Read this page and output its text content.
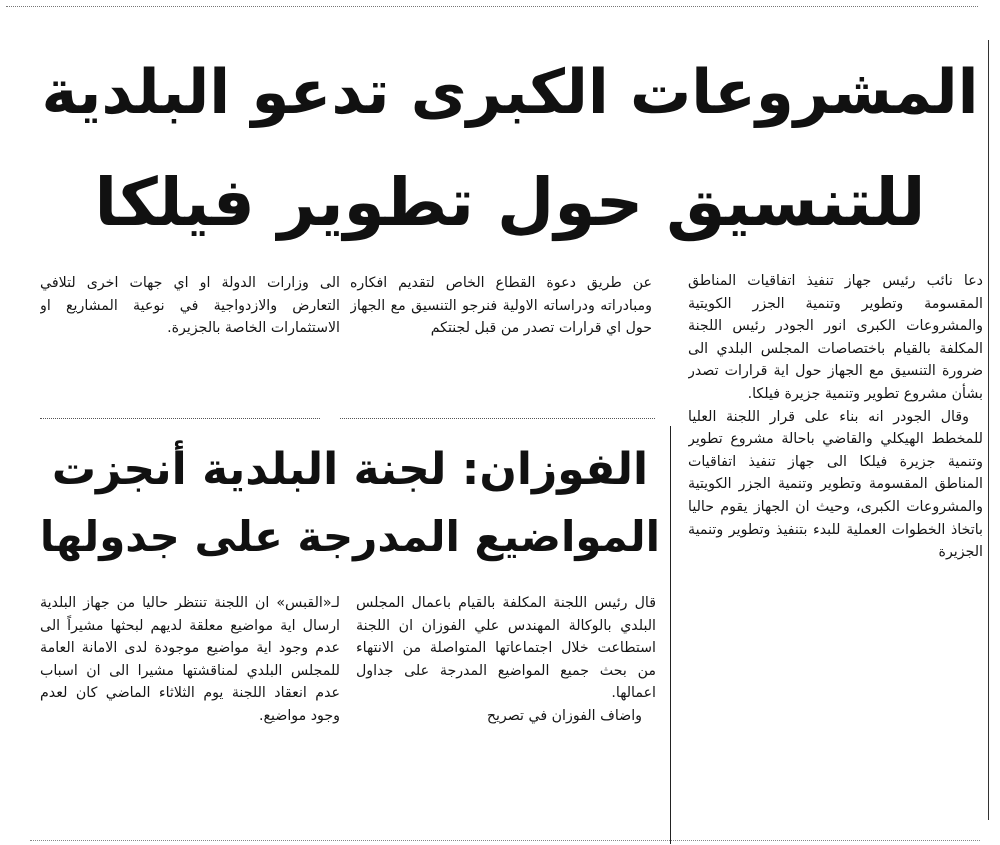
المشروعات الكبرى تدعو البلدية
للتنسيق حول تطوير فيلكا

دعا نائب رئيس جهاز تنفيذ اتفاقيات المناطق المقسومة وتطوير وتنمية الجزر الكويتية والمشروعات الكبرى انور الجودر رئيس اللجنة المكلفة بالقيام باختصاصات المجلس البلدي الى ضرورة التنسيق مع الجهاز حول اية قرارات تصدر بشأن مشروع تطوير وتنمية جزيرة فيلكا.

وقال الجودر انه بناء على قرار اللجنة العليا للمخطط الهيكلي والقاضي باحالة مشروع تطوير وتنمية جزيرة فيلكا الى جهاز تنفيذ اتفاقيات المناطق المقسومة وتطوير وتنمية الجزر الكويتية والمشروعات الكبرى، وحيث ان الجهاز يقوم حاليا باتخاذ الخطوات العملية للبدء بتنفيذ وتطوير وتنمية الجزيرة

عن طريق دعوة القطاع الخاص لتقديم افكاره ومبادراته ودراساته الاولية فنرجو التنسيق مع الجهاز حول اي قرارات تصدر من قبل لجنتكم

الى وزارات الدولة او اي جهات اخرى لتلافي التعارض والازدواجية في نوعية المشاريع او الاستثمارات الخاصة بالجزيرة.

الفوزان: لجنة البلدية أنجزت
المواضيع المدرجة على جدولها

قال رئيس اللجنة المكلفة بالقيام باعمال المجلس البلدي بالوكالة المهندس علي الفوزان ان اللجنة استطاعت خلال اجتماعاتها المتواصلة من الانتهاء من بحث جميع المواضيع المدرجة على جداول اعمالها.

واضاف الفوزان في تصريح

لـ«القبس» ان اللجنة تنتظر حاليا من جهاز البلدية ارسال اية مواضيع معلقة لديهم لبحثها مشيراً الى عدم وجود اية مواضيع موجودة لدى الامانة العامة للمجلس البلدي لمناقشتها مشيرا الى ان اسباب عدم انعقاد اللجنة يوم الثلاثاء الماضي كان لعدم وجود مواضيع.
